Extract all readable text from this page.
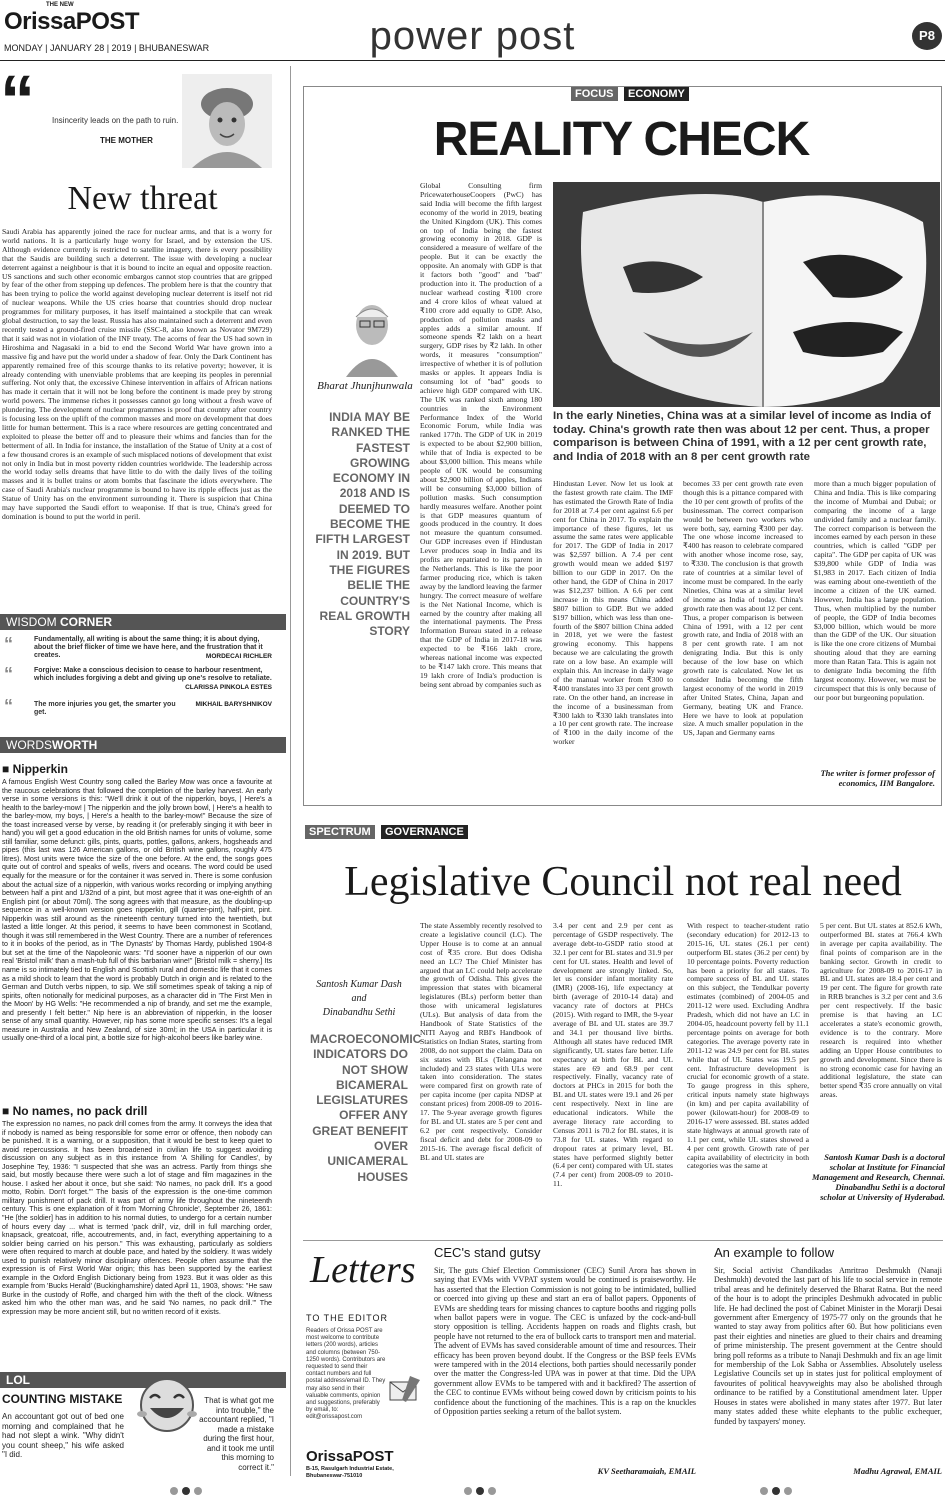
THE NEW
OrissaPOST
MONDAY | JANUARY 28 | 2019 | BHUBANESWAR	power post	P8
“ Insincerity leads on the path to ruin.
THE MOTHER
New threat
Saudi Arabia has apparently joined the race for nuclear arms, and that is a worry for world nations. It is a particularly huge worry for Israel, and by extension the US. Although evidence currently is restricted to satellite imagery, there is every possibility that the Saudis are building such a deterrent. The issue with developing a nuclear deterrent against a neighbour is that it is bound to incite an equal and opposite reaction. US sanctions and such other economic embargos cannot stop countries that are gripped by fear of the other from stepping up defences. The problem here is that the country that has been trying to police the world against developing nuclear deterrent is itself not rid of nuclear weapons. While the US cries hoarse that countries should drop nuclear programmes for military purposes, it has itself maintained a stockpile that can wreak global destruction, to say the least. Russia has also maintained such a deterrent and even recently tested a ground-fired cruise missile (SSC-8, also known as Novator 9M729) that it said was not in violation of the INF treaty. The acorns of fear the US had sown in Hiroshima and Nagasaki in a bid to end the Second World War have grown into a massive fig and have put the world under a shadow of fear. Only the Dark Continent has apparently remained free of this scourge thanks to its relative poverty; however, it is already contending with unenviable problems that are keeping its peoples in perennial suffering. Not only that, the excessive Chinese intervention in affairs of African nations has made it certain that it will not be long before the continent is made prey by strong world powers. The immense riches it possesses cannot go long without a fresh wave of plundering. The development of nuclear programmes is proof that country after country is focusing less on the uplift of the common masses and more on development that does little for human betterment. This is a race where resources are getting concentrated and exploited to please the better off and to pleasure their whims and fancies than for the betterment of all. In India for instance, the installation of the Statue of Unity at a cost of a few thousand crores is an example of such misplaced notions of development that exist not only in India but in most poverty ridden countries worldwide. The leadership across the world today sells dreams that have little to do with the daily lives of the toiling masses and it is bullet trains or atom bombs that fascinate the idiots everywhere. The case of Saudi Arabia's nuclear programme is bound to have its ripple effects just as the Statue of Unity has on the environment surrounding it. There is suspicion that China may have supported the Saudi effort to weaponise. If that is true, China's greed for domination is bound to put the world in peril.
WISDOM CORNER
“	Fundamentally, all writing is about the same thing; it is about dying, about the brief flicker of time we have here, and the frustration that it creates.	MORDECAI RICHLER
“	Forgive: Make a conscious decision to cease to harbour resentment, which includes forgiving a debt and giving up one's resolve to retaliate.
CLARISSA PINKOLA ESTES
“	The more injuries you get, the smarter you get.
MIKHAIL BARYSHNIKOV
WORDSWORTH
■ Nipperkin
A famous English West Country song called the Barley Mow was once a favourite at the raucous celebrations that followed the completion of the barley harvest. An early verse in some versions is this: "We'll drink it out of the nipperkin, boys, | Here's a health to the barley-mow! | The nipperkin and the jolly brown bowl, | Here's a health to the barley-mow, my boys, | Here's a health to the barley-mow!" Because the size of the toast increased verse by verse, by reading it (or preferably singing it with beer in hand) you will get a good education in the old British names for units of volume, some still familiar, some defunct: gills, pints, quarts, pottles, gallons, ankers, hogsheads and pipes (this last was 126 American gallons, or old British wine gallons, roughly 475 litres). Most units were twice the size of the one before. At the end, the songs goes quite out of control and speaks of wells, rivers and oceans. The word could be used equally for the measure or for the container it was served in. There is some confusion about the actual size of a nipperkin, with various works recording or implying anything between half a pint and 1/32nd of a pint, but most agree that it was one-eighth of an English pint (or about 70ml). The song agrees with that measure, as the doubling-up sequence in a well-known version goes nipperkin, gill (quarter-pint), half-pint, pint. Nipperkin was still around as the nineteenth century turned into the twentieth, but lasted a little longer. At this period, it seems to have been commonest in Scotland, though it was still remembered in the West Country. There are a number of references to it in books of the period, as in 'The Dynasts' by Thomas Hardy, published 1904-8 but set at the time of the Napoleonic wars: "I'd sooner have a nipperkin of our own real 'Bristol milk' than a mash-tub full of this barbarian wine!" [Bristol milk = sherry.] Its name is so intimately tied to English and Scottish rural and domestic life that it comes as a mild shock to learn that the word is probably Dutch in origin and is related to the German and Dutch verbs nippen, to sip. We still sometimes speak of taking a nip of spirits, often notionally for medicinal purposes, as a character did in 'The First Men in the Moon' by HG Wells: "He recommended a nip of brandy, and set me the example, and presently I felt better." Nip here is an abbreviation of nipperkin, in the looser sense of any small quantity. However, nip has some more specific senses: It's a legal measure in Australia and New Zealand, of size 30ml; in the USA in particular it is usually one-third of a local pint, a bottle size for high-alcohol beers like barley wine.
■ No names, no pack drill
The expression no names, no pack drill comes from the army. It conveys the idea that if nobody is named as being responsible for some error or offence, then nobody can be punished. It is a warning, or a supposition, that it would be best to keep quiet to avoid repercussions. It has been broadened in civilian life to suggest avoiding discussion on any subject as in this instance from 'A Shilling for Candles', by Josephine Tey, 1936: "I suspected that she was an actress. Partly from things she said, but mostly because there were such a lot of stage and film magazines in the house. I asked her about it once, but she said: 'No names, no pack drill. It's a good motto, Robin. Don't forget.'" The basis of the expression is the one-time common military punishment of pack drill. It was part of army life throughout the nineteenth century. This is one explanation of it from 'Morning Chronicle', September 26, 1861: "He [the soldier] has in addition to his normal duties, to undergo for a certain number of hours every day ... what is termed 'pack drill', viz, drill in full marching order, knapsack, greatcoat, rifle, accoutrements, and, in fact, everything appertaining to a soldier being carried on his person." This was exhausting, particularly as soldiers were often required to march at double pace, and hated by the soldiery. It was widely used to punish relatively minor disciplinary offences. People often assume that the expression is of First World War origin; this has been supported by the earliest example in the Oxford English Dictionary being from 1923. But it was older as this example from 'Bucks Herald' (Buckinghamshire) dated April 11, 1903, shows: "He saw Burke in the custody of Roffe, and charged him with the theft of the clock. Witness asked him who the other man was, and he said 'No names, no pack drill.'" The expression may be more ancient still, but no written record of it exists.
LOL
COUNTING MISTAKE
An accountant got out of bed one morning and complained that he had not slept a wink. "Why didn't you count sheep," his wife asked "I did.
That is what got me into trouble," the accountant replied, "I made a mistake during the first hour, and it took me until this morning to correct it."
FOCUS	ECONOMY
REALITY CHECK
In the early Nineties, China was at a similar level of income as India of today. China's growth rate then was about 12 per cent. Thus, a proper comparison is between China of 1991, with a 12 per cent growth rate, and India of 2018 with an 8 per cent growth rate
Bharat Jhunjhunwala
INDIA MAY BE RANKED THE FASTEST GROWING ECONOMY IN 2018 AND IS DEEMED TO BECOME THE FIFTH LARGEST IN 2019. BUT THE FIGURES BELIE THE COUNTRY'S REAL GROWTH STORY
Global Consulting firm PricewaterhouseCoopers (PwC) has said India will become the fifth largest economy of the world in 2019, beating the United Kingdom (UK). This comes on top of India being the fastest growing economy in 2018. GDP is considered a measure of welfare of the people. But it can be exactly the opposite. An anomaly with GDP is that it factors both "good" and "bad" production into it. The production of a nuclear warhead costing ₹100 crore and 4 crore kilos of wheat valued at ₹100 crore add equally to GDP. Also, production of pollution masks and apples adds a similar amount. If someone spends ₹2 lakh on a heart surgery, GDP rises by ₹2 lakh. In other words, it measures "consumption" irrespective of whether it is of pollution masks or apples. It appears India is consuming lot of "bad" goods to achieve high GDP compared with UK. The UK was ranked sixth among 180 countries in the Environment Performance Index of the World Economic Forum, while India was ranked 177th. The GDP of UK in 2019 is expected to be about $2,900 billion, while that of India is expected to be about $3,000 billion. This means while people of UK would be consuming about $2,900 billion of apples, Indians will be consuming $3,000 billion of pollution masks. Such consumption hardly measures welfare. Another point is that GDP measures quantum of goods produced in the country. It does not measure the quantum consumed. Our GDP increases even if Hindustan Lever produces soap in India and its profits are repatriated to its parent in the Netherlands. This is like the poor farmer producing rice, which is taken away by the landlord leaving the farmer hungry. The correct measure of welfare is the Net National Income, which is earned by the country after making all the international payments. The Press Information Bureau stated in a release that the GDP of India in 2017-18 was expected to be ₹166 lakh crore, whereas national income was expected to be ₹147 lakh crore. This means that 19 lakh crore of India's production is being sent abroad by companies such as
Hindustan Lever. Now let us look at the fastest growth rate claim. The IMF has estimated the Growth Rate of India for 2018 at 7.4 per cent against 6.6 per cent for China in 2017. To explain the importance of these figures, let us assume the same rates were applicable for 2017. The GDP of India in 2017 was $2,597 billion. A 7.4 per cent growth would mean we added $197 billion to our GDP in 2017. On the other hand, the GDP of China in 2017 was $12,237 billion. A 6.6 per cent increase in this means China added $807 billion to GDP. But we added $197 billion, which was less than one-fourth of the $807 billion China added in 2018, yet we were the fastest growing economy. This happens because we are calculating the growth rate on a low base. An example will explain this. An increase in daily wage of the manual worker from ₹300 to ₹400 translates into 33 per cent growth rate. On the other hand, an increase in the income of a businessman from ₹300 lakh to ₹330 lakh translates into a 10 per cent growth rate. The increase of ₹100 in the daily income of the worker
becomes 33 per cent growth rate even though this is a pittance compared with the 10 per cent growth of profits of the businessman. The correct comparison would be between two workers who were both, say, earning ₹300 per day. The one whose income increased to ₹400 has reason to celebrate compared with another whose income rose, say, to ₹330. The conclusion is that growth rate of countries at a similar level of income must be compared. In the early Nineties, China was at a similar level of income as India of today. China's growth rate then was about 12 per cent. Thus, a proper comparison is between China of 1991, with a 12 per cent growth rate, and India of 2018 with an 8 per cent growth rate. I am not denigrating India. But this is only because of the low base on which growth rate is calculated. Now let us consider India becoming the fifth largest economy of the world in 2019 after United States, China, Japan and Germany, beating UK and France. Here we have to look at population size. A much smaller population in the US, Japan and Germany earns
more than a much bigger population of China and India. This is like comparing the income of Mumbai and Dubai; or comparing the income of a large undivided family and a nuclear family. The correct comparison is between the incomes earned by each person in these countries, which is called "GDP per capita". The GDP per capita of UK was $39,800 while GDP of India was $1,983 in 2017. Each citizen of India was earning about one-twentieth of the income a citizen of the UK earned. However, India has a large population. Thus, when multiplied by the number of people, the GDP of India becomes $3,000 billion, which would be more than the GDP of the UK. Our situation is like the one crore citizens of Mumbai shouting aloud that they are earning more than Ratan Tata. This is again not to denigrate India becoming the fifth largest economy. However, we must be circumspect that this is only because of our poor but burgeoning population.
The writer is former professor of economics, IIM Bangalore.
SPECTRUM	GOVERNANCE
Legislative Council not real need
Santosh Kumar Dash
and
Dinabandhu Sethi
MACROECONOMIC INDICATORS DO NOT SHOW BICAMERAL LEGISLATURES OFFER ANY GREAT BENEFIT OVER UNICAMERAL HOUSES
The state Assembly recently resolved to create a legislative council (LC). The Upper House is to come at an annual cost of ₹35 crore. But does Odisha need an LC? The Chief Minister has argued that an LC could help accelerate the growth of Odisha. This gives the impression that states with bicameral legislatures (BLs) perform better than those with unicameral legislatures (ULs). But analysis of data from the Handbook of State Statistics of the NITI Aayog and RBI's Handbook of Statistics on Indian States, starting from 2008, do not support the claim. Data on six states with BLs (Telangana not included) and 23 states with ULs were taken into consideration. The states were compared first on growth rate of per capita income (per capita NDSP at constant prices) from 2008-09 to 2016-17. The 9-year average growth figures for BL and UL states are 5 per cent and 6.2 per cent respectively. Consider fiscal deficit and debt for 2008-09 to 2015-16. The average fiscal deficit of BL and UL states are
3.4 per cent and 2.9 per cent as percentage of GSDP respectively. The average debt-to-GSDP ratio stood at 32.1 per cent for BL states and 31.9 per cent for UL states. Health and level of development are strongly linked. So, let us consider infant mortality rate (IMR) (2008-16), life expectancy at birth (average of 2010-14 data) and vacancy rate of doctors at PHCs (2015). With regard to IMR, the 9-year average of BL and UL states are 39.7 and 34.1 per thousand live births. Although all states have reduced IMR significantly, UL states fare better. Life expectancy at birth for BL and UL states are 69 and 68.9 per cent respectively. Finally, vacancy rate of doctors at PHCs in 2015 for both the BL and UL states were 19.1 and 26 per cent respectively. Next in line are educational indicators. While the average literacy rate according to Census 2011 is 70.2 for BL states, it is 73.8 for UL states. With regard to dropout rates at primary level, BL states have performed slightly better (6.4 per cent) compared with UL states (7.4 per cent) from 2008-09 to 2010-11.
With respect to teacher-student ratio (secondary education) for 2012-13 to 2015-16, UL states (26.1 per cent) outperform BL states (36.2 per cent) by 10 percentage points. Poverty reduction has been a priority for all states. To compare success of BL and UL states on this subject, the Tendulkar poverty estimates (combined) of 2004-05 and 2011-12 were used. Excluding Andhra Pradesh, which did not have an LC in 2004-05, headcount poverty fell by 11.1 percentage points on average for both categories. The average poverty rate in 2011-12 was 24.9 per cent for BL states while that of UL States was 19.5 per cent. Infrastructure development is crucial for economic growth of a state. To gauge progress in this sphere, critical inputs namely state highways (in km) and per capita availability of power (kilowatt-hour) for 2008-09 to 2016-17 were assessed. BL states added state highways at annual growth rate of 1.1 per cent, while UL states showed a 4 per cent growth. Growth rate of per capita availability of electricity in both categories was the same at
5 per cent. But UL states at 852.6 kWh, outperformed BL states at 766.4 kWh in average per capita availability. The final points of comparison are in the banking sector. Growth in credit to agriculture for 2008-09 to 2016-17 in BL and UL states are 18.4 per cent and 19 per cent. The figure for growth rate in RRB branches is 3.2 per cent and 3.6 per cent respectively. If the basic premise is that having an LC accelerates a state's economic growth, evidence is to the contrary. More research is required into whether adding an Upper House contributes to growth and development. Since there is no strong economic case for having an additional legislature, the state can better spend ₹35 crore annually on vital areas.
Santosh Kumar Dash is a doctoral scholar at Institute for Financial Management and Research, Chennai. Dinabandhu Sethi is a doctoral scholar at University of Hyderabad.
Letters
TO THE EDITOR
Readers of Orissa POST are most welcome to contribute letters (200 words), articles and columns (between 750-1250 words). Contributors are requested to send their contact numbers and full postal address/email ID. They may also send in their valuable comments, opinion and suggestions, preferably by email, to: edit@orissapost.com
OrissaPOST
B-15, Rasulgarh Industrial Estate, Bhubaneswar-751010
CEC's stand gutsy
Sir, The guts Chief Election Commissioner (CEC) Sunil Arora has shown in saying that EVMs with VVPAT system would be continued is praiseworthy. He has asserted that the Election Commission is not going to be intimidated, bullied or coerced into giving up these and start an era of ballot papers. Opponents of EVMs are shedding tears for missing chances to capture booths and rigging polls when ballot papers were in vogue. The CEC is unfazed by the cock-and-bull story opposition is telling. Accidents happen on roads and flights crash, but people have not returned to the era of bullock carts to transport men and material. The advent of EVMs has saved considerable amount of time and resources. Their efficacy has been proven beyond doubt. If the Congress or the BSP feels EVMs were tampered with in the 2014 elections, both parties should necessarily ponder over the matter the Congress-led UPA was in power at that time. Did the UPA government allow EVMs to be tampered with and it backfired? The assertion of the CEC to continue EVMs without being cowed down by criticism points to his confidence about the functioning of the machines. This is a rap on the knuckles of Opposition parties seeking a return of the ballot system.
KV Seetharamaiah, EMAIL
An example to follow
Sir, Social activist Chandikadas Amritrao Deshmukh (Nanaji Deshmukh) devoted the last part of his life to social service in remote tribal areas and he definitely deserved the Bharat Ratna. But the need of the hour is to adopt the principles Deshmukh advocated in public life. He had declined the post of Cabinet Minister in the Morarji Desai government after Emergency of 1975-77 only on the grounds that he wanted to stay away from politics after 60. But how politicians even past their eighties and nineties are glued to their chairs and dreaming of prime ministership. The present government at the Centre should bring poll reforms as a tribute to Nanaji Deshmukh and fix an age limit for membership of the Lok Sabha or Assemblies. Absolutely useless Legislative Councils set up in states just for political employment of favourites of political heavyweights may also be abolished through ordinance to be ratified by a Constitutional amendment later. Upper Houses in states were abolished in many states after 1977. But later many states added these white elephants to the public exchequer, funded by taxpayers' money.
Madhu Agrawal, EMAIL
